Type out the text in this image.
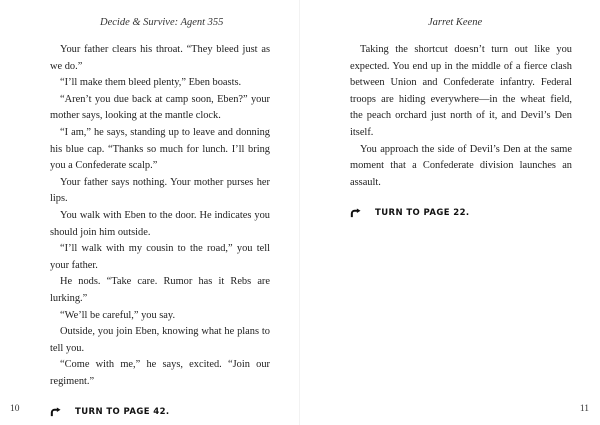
Decide & Survive: Agent 355

Your father clears his throat. “They bleed just as we do.”

“I’ll make them bleed plenty,” Eben boasts.

“Aren’t you due back at camp soon, Eben?” your mother says, looking at the mantle clock.

“I am,” he says, standing up to leave and donning his blue cap. “Thanks so much for lunch. I’ll bring you a Confederate scalp.”

Your father says nothing. Your mother purses her lips.

You walk with Eben to the door. He indicates you should join him outside.

“I’ll walk with my cousin to the road,” you tell your father.

He nods. “Take care. Rumor has it Rebs are lurking.”

“We’ll be careful,” you say.

Outside, you join Eben, knowing what he plans to tell you.

“Come with me,” he says, excited. “Join our regiment.”

TURN TO PAGE 42.
10
Jarret Keene

Taking the shortcut doesn’t turn out like you expected. You end up in the middle of a fierce clash between Union and Confederate infantry. Federal troops are hiding everywhere—in the wheat field, the peach orchard just north of it, and Devil’s Den itself.

You approach the side of Devil’s Den at the same moment that a Confederate division launches an assault.

TURN TO PAGE 22.
11
